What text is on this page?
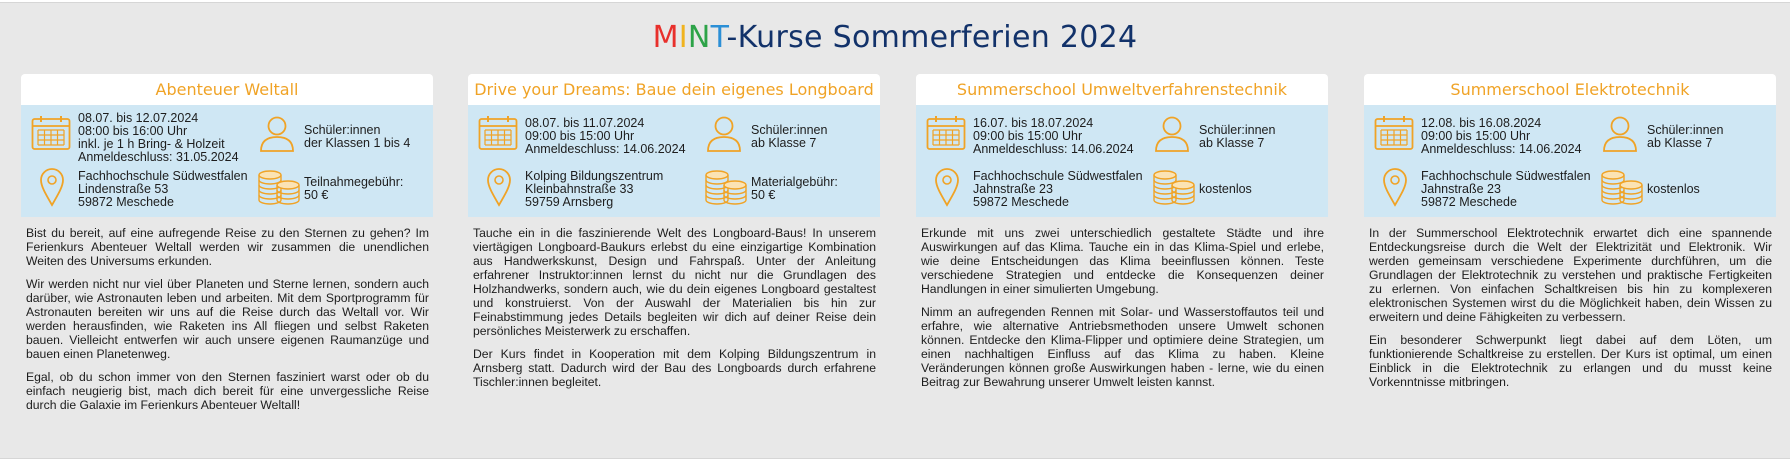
MINT-Kurse Sommerferien 2024
Abenteuer Weltall
08.07. bis 12.07.2024
08:00 bis 16:00 Uhr
inkl. je 1 h Bring- & Holzeit
Anmeldeschluss: 31.05.2024
Schüler:innen
der Klassen 1 bis 4
Fachhochschule Südwestfalen
Lindenstraße 53
59872 Meschede
Teilnahmegebühr:
50 €

Bist du bereit, auf eine aufregende Reise zu den Sternen zu gehen? Im Ferienkurs Abenteuer Weltall werden wir zusammen die unendlichen Weiten des Universums erkunden.

Wir werden nicht nur viel über Planeten und Sterne lernen, sondern auch darüber, wie Astronauten leben und arbeiten. Mit dem Sportprogramm für Astronauten bereiten wir uns auf die Reise durch das Weltall vor. Wir werden herausfinden, wie Raketen ins All fliegen und selbst Raketen bauen. Vielleicht entwerfen wir auch unsere eigenen Raumanzüge und bauen einen Planetenweg.

Egal, ob du schon immer von den Sternen fasziniert warst oder ob du einfach neugierig bist, mach dich bereit für eine unvergessliche Reise durch die Galaxie im Ferienkurs Abenteuer Weltall!

Drive your Dreams: Baue dein eigenes Longboard
08.07. bis 11.07.2024
09:00 bis 15:00 Uhr
Anmeldeschluss: 14.06.2024
Schüler:innen
ab Klasse 7
Kolping Bildungszentrum
Kleinbahnstraße 33
59759 Arnsberg
Materialgebühr:
50 €

Tauche ein in die faszinierende Welt des Longboard-Baus! In unserem viertägigen Longboard-Baukurs erlebst du eine einzigartige Kombination aus Handwerkskunst, Design und Fahrspaß. Unter der Anleitung erfahrener Instruktor:innen lernst du nicht nur die Grundlagen des Holzhandwerks, sondern auch, wie du dein eigenes Longboard gestaltest und konstruierst. Von der Auswahl der Materialien bis hin zur Feinabstimmung jedes Details begleiten wir dich auf deiner Reise dein persönliches Meisterwerk zu erschaffen.

Der Kurs findet in Kooperation mit dem Kolping Bildungszentrum in Arnsberg statt. Dadurch wird der Bau des Longboards durch erfahrene Tischler:innen begleitet.

Summerschool Umweltverfahrenstechnik
16.07. bis 18.07.2024
09:00 bis 15:00 Uhr
Anmeldeschluss: 14.06.2024
Schüler:innen
ab Klasse 7
Fachhochschule Südwestfalen
Jahnstraße 23
59872 Meschede
kostenlos

Erkunde mit uns zwei unterschiedlich gestaltete Städte und ihre Auswirkungen auf das Klima. Tauche ein in das Klima-Spiel und erlebe, wie deine Entscheidungen das Klima beeinflussen können. Teste verschiedene Strategien und entdecke die Konsequenzen deiner Handlungen in einer simulierten Umgebung.

Nimm an aufregenden Rennen mit Solar- und Wasserstoffautos teil und erfahre, wie alternative Antriebsmethoden unsere Umwelt schonen können. Entdecke den Klima-Flipper und optimiere deine Strategien, um einen nachhaltigen Einfluss auf das Klima zu haben. Kleine Veränderungen können große Auswirkungen haben - lerne, wie du einen Beitrag zur Bewahrung unserer Umwelt leisten kannst.

Summerschool Elektrotechnik
12.08. bis 16.08.2024
09:00 bis 15:00 Uhr
Anmeldeschluss: 14.06.2024
Schüler:innen
ab Klasse 7
Fachhochschule Südwestfalen
Jahnstraße 23
59872 Meschede
kostenlos

In der Summerschool Elektrotechnik erwartet dich eine spannende Entdeckungsreise durch die Welt der Elektrizität und Elektronik. Wir werden gemeinsam verschiedene Experimente durchführen, um die Grundlagen der Elektrotechnik zu verstehen und praktische Fertigkeiten zu erlernen. Von einfachen Schaltkreisen bis hin zu komplexeren elektronischen Systemen wirst du die Möglichkeit haben, dein Wissen zu erweitern und deine Fähigkeiten zu verbessern.

Ein besonderer Schwerpunkt liegt dabei auf dem Löten, um funktionierende Schaltkreise zu erstellen. Der Kurs ist optimal, um einen Einblick in die Elektrotechnik zu erlangen und du musst keine Vorkenntnisse mitbringen.
